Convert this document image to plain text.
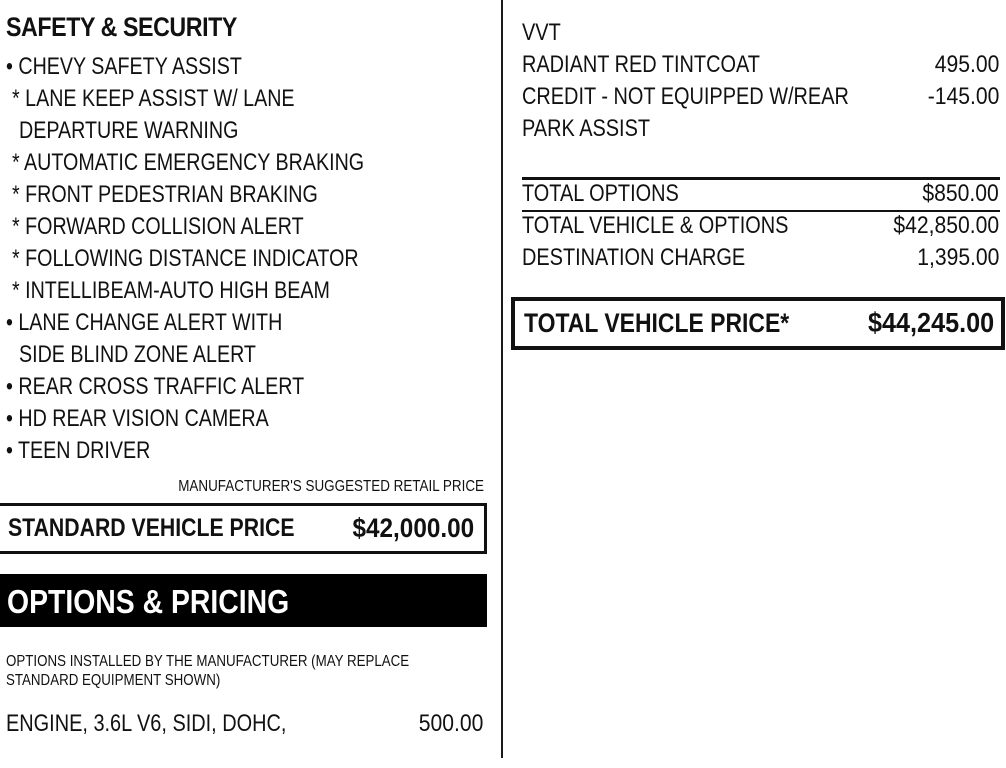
SAFETY & SECURITY
• CHEVY SAFETY ASSIST
* LANE KEEP ASSIST W/ LANE
DEPARTURE WARNING
* AUTOMATIC EMERGENCY BRAKING
* FRONT PEDESTRIAN BRAKING
* FORWARD COLLISION ALERT
* FOLLOWING DISTANCE INDICATOR
* INTELLIBEAM-AUTO HIGH BEAM
• LANE CHANGE ALERT WITH
SIDE BLIND ZONE ALERT
• REAR CROSS TRAFFIC ALERT
• HD REAR VISION CAMERA
• TEEN DRIVER
MANUFACTURER'S SUGGESTED RETAIL PRICE
STANDARD VEHICLE PRICE	$42,000.00
OPTIONS & PRICING
OPTIONS INSTALLED BY THE MANUFACTURER (MAY REPLACE
STANDARD EQUIPMENT SHOWN)
ENGINE, 3.6L V6, SIDI, DOHC,	500.00
VVT
RADIANT RED TINTCOAT	495.00
CREDIT - NOT EQUIPPED W/REAR	-145.00
PARK ASSIST
TOTAL OPTIONS	$850.00
TOTAL VEHICLE & OPTIONS	$42,850.00
DESTINATION CHARGE	1,395.00
TOTAL VEHICLE PRICE*	$44,245.00
